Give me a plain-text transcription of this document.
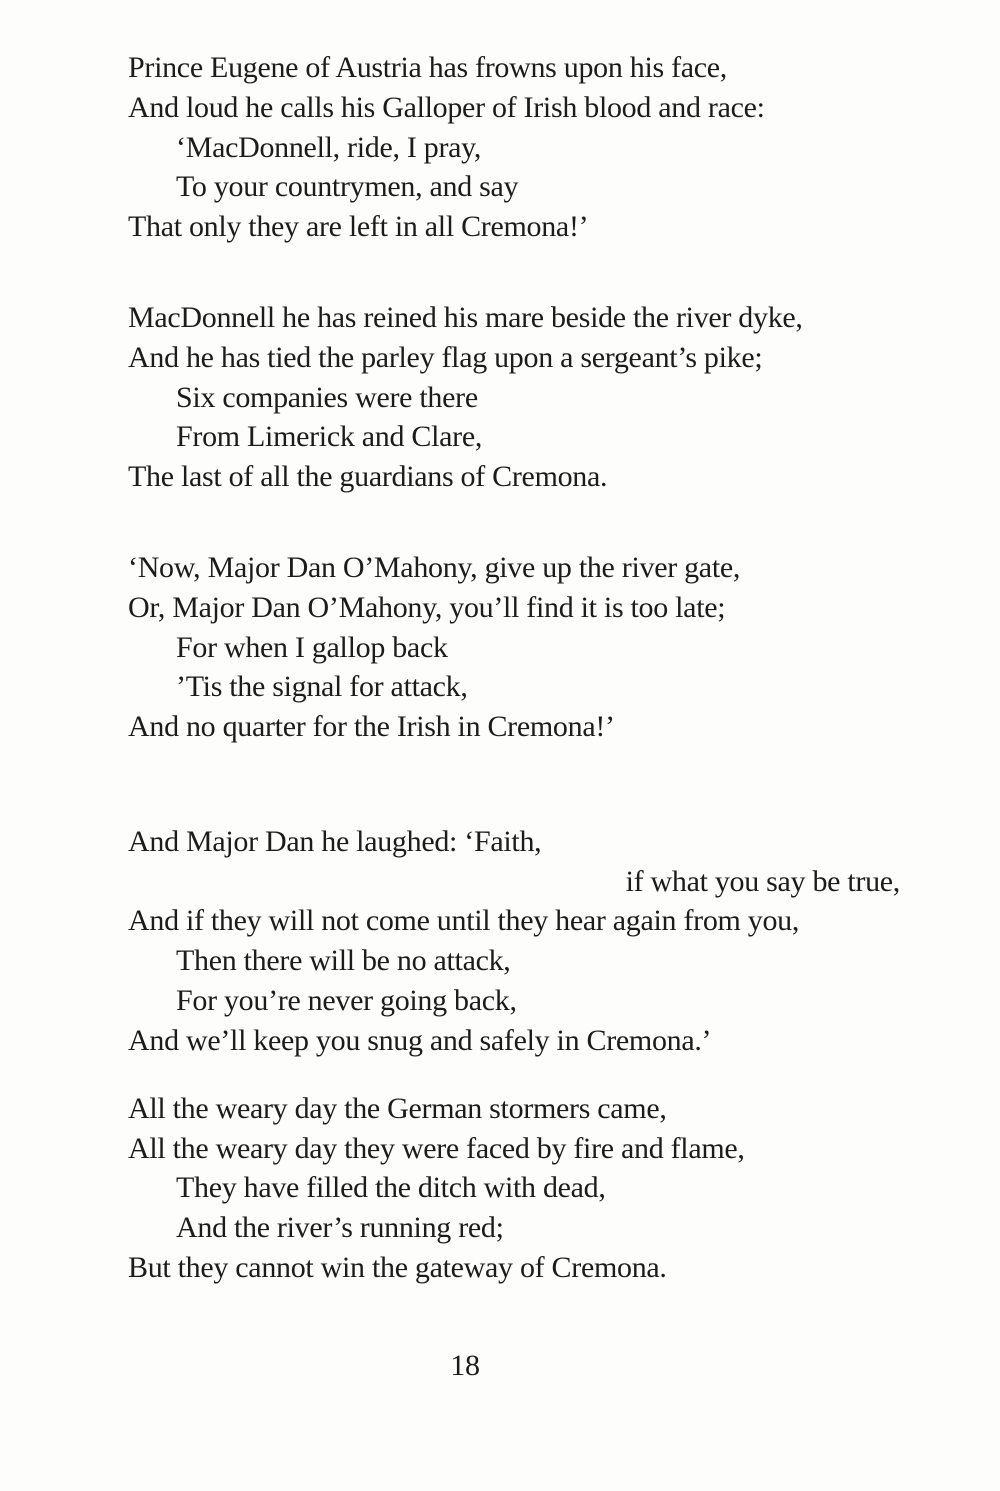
Prince Eugene of Austria has frowns upon his face,
And loud he calls his Galloper of Irish blood and race:
‘MacDonnell, ride, I pray,
To your countrymen, and say
That only they are left in all Cremona!’
MacDonnell he has reined his mare beside the river dyke,
And he has tied the parley flag upon a sergeant’s pike;
Six companies were there
From Limerick and Clare,
The last of all the guardians of Cremona.
‘Now, Major Dan O’Mahony, give up the river gate,
Or, Major Dan O’Mahony, you’ll find it is too late;
For when I gallop back
’Tis the signal for attack,
And no quarter for the Irish in Cremona!’
And Major Dan he laughed: ‘Faith,
if what you say be true,
And if they will not come until they hear again from you,
Then there will be no attack,
For you’re never going back,
And we’ll keep you snug and safely in Cremona.’
All the weary day the German stormers came,
All the weary day they were faced by fire and flame,
They have filled the ditch with dead,
And the river’s running red;
But they cannot win the gateway of Cremona.
18
